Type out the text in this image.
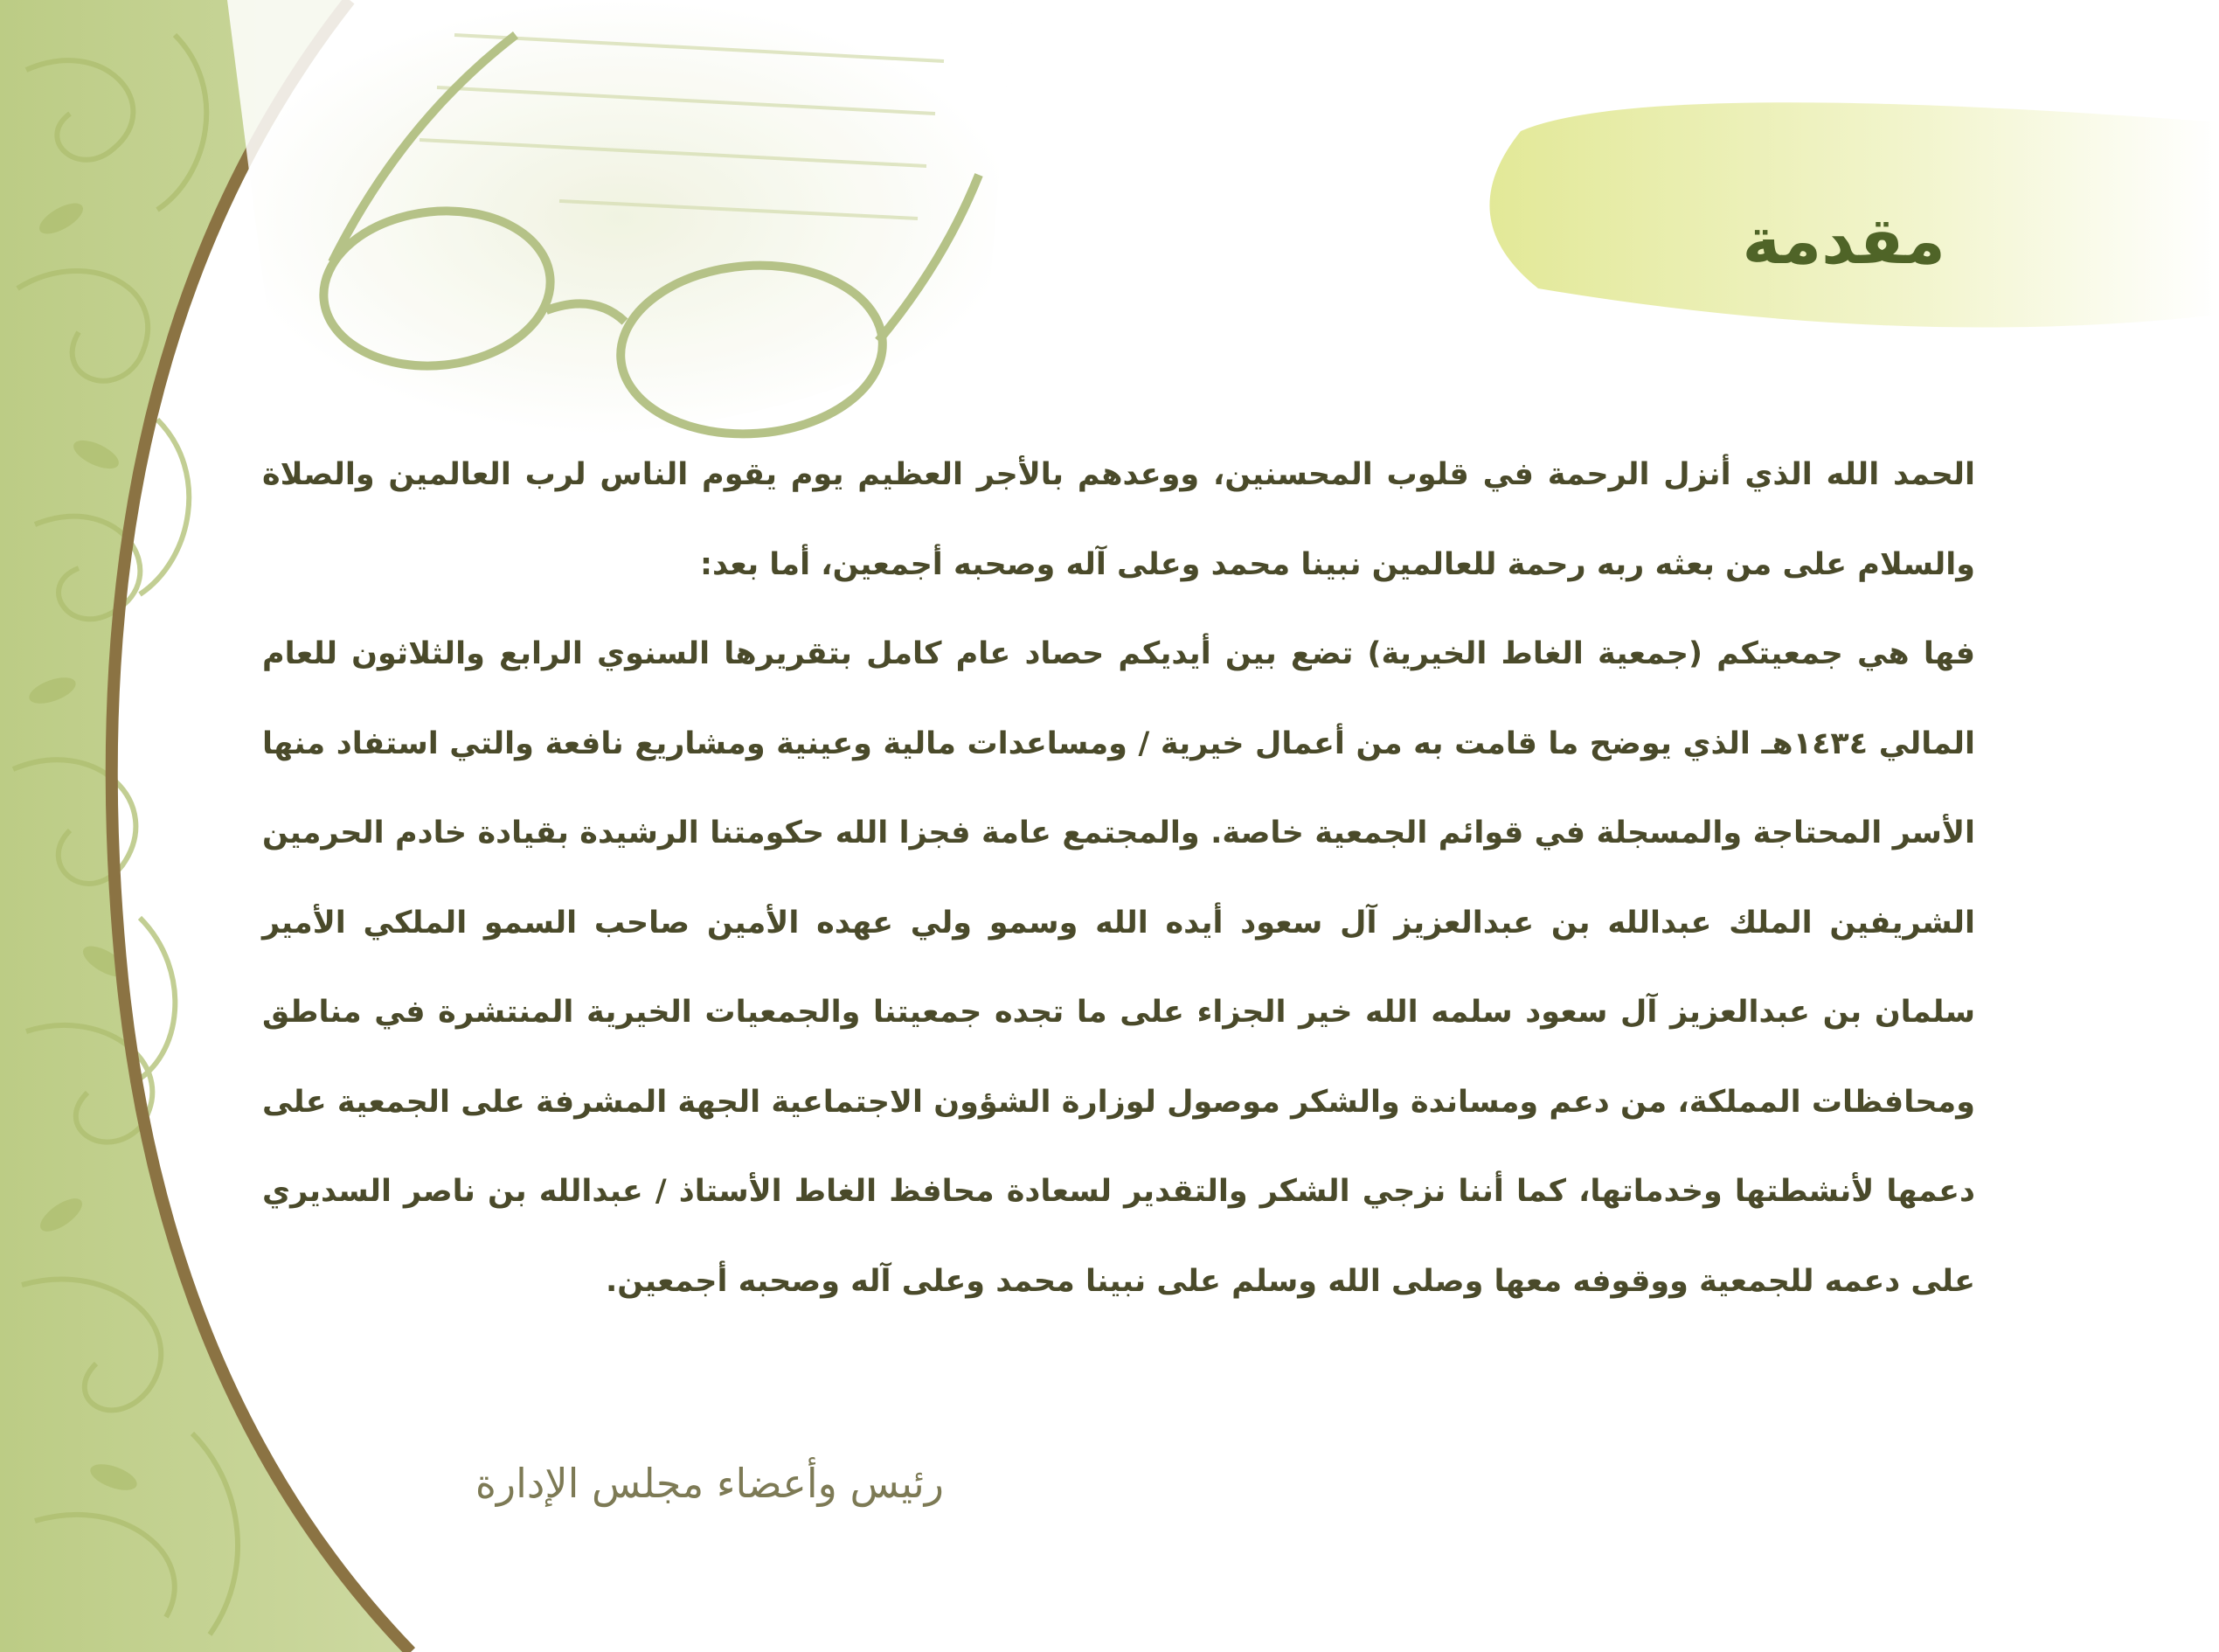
مقدمة

الحمد الله الذي أنزل الرحمة في قلوب المحسنين، ووعدهم بالأجر العظيم يوم يقوم الناس لرب العالمين والصلاة والسلام على من بعثه ربه رحمة للعالمين نبينا محمد وعلى آله وصحبه أجمعين، أما بعد:

فها هي جمعيتكم (جمعية الغاط الخيرية) تضع بين أيديكم حصاد عام كامل بتقريرها السنوي الرابع والثلاثون للعام المالي ١٤٣٤هـ الذي يوضح ما قامت به من أعمال خيرية / ومساعدات مالية وعينية ومشاريع نافعة والتي استفاد منها الأسر المحتاجة والمسجلة في قوائم الجمعية خاصة. والمجتمع عامة فجزا الله حكومتنا الرشيدة بقيادة خادم الحرمين الشريفين الملك عبدالله بن عبدالعزيز آل سعود أيده الله وسمو ولي عهده الأمين صاحب السمو الملكي الأمير سلمان بن عبدالعزيز آل سعود سلمه الله خير الجزاء على ما تجده جمعيتنا والجمعيات الخيرية المنتشرة في مناطق ومحافظات المملكة، من دعم ومساندة والشكر موصول لوزارة الشؤون الاجتماعية الجهة المشرفة على الجمعية على دعمها لأنشطتها وخدماتها، كما أننا نزجي الشكر والتقدير لسعادة محافظ الغاط الأستاذ / عبدالله بن ناصر السديري على دعمه للجمعية ووقوفه معها وصلى الله وسلم على نبينا محمد وعلى آله وصحبه أجمعين.

رئيس وأعضاء مجلس الإدارة
